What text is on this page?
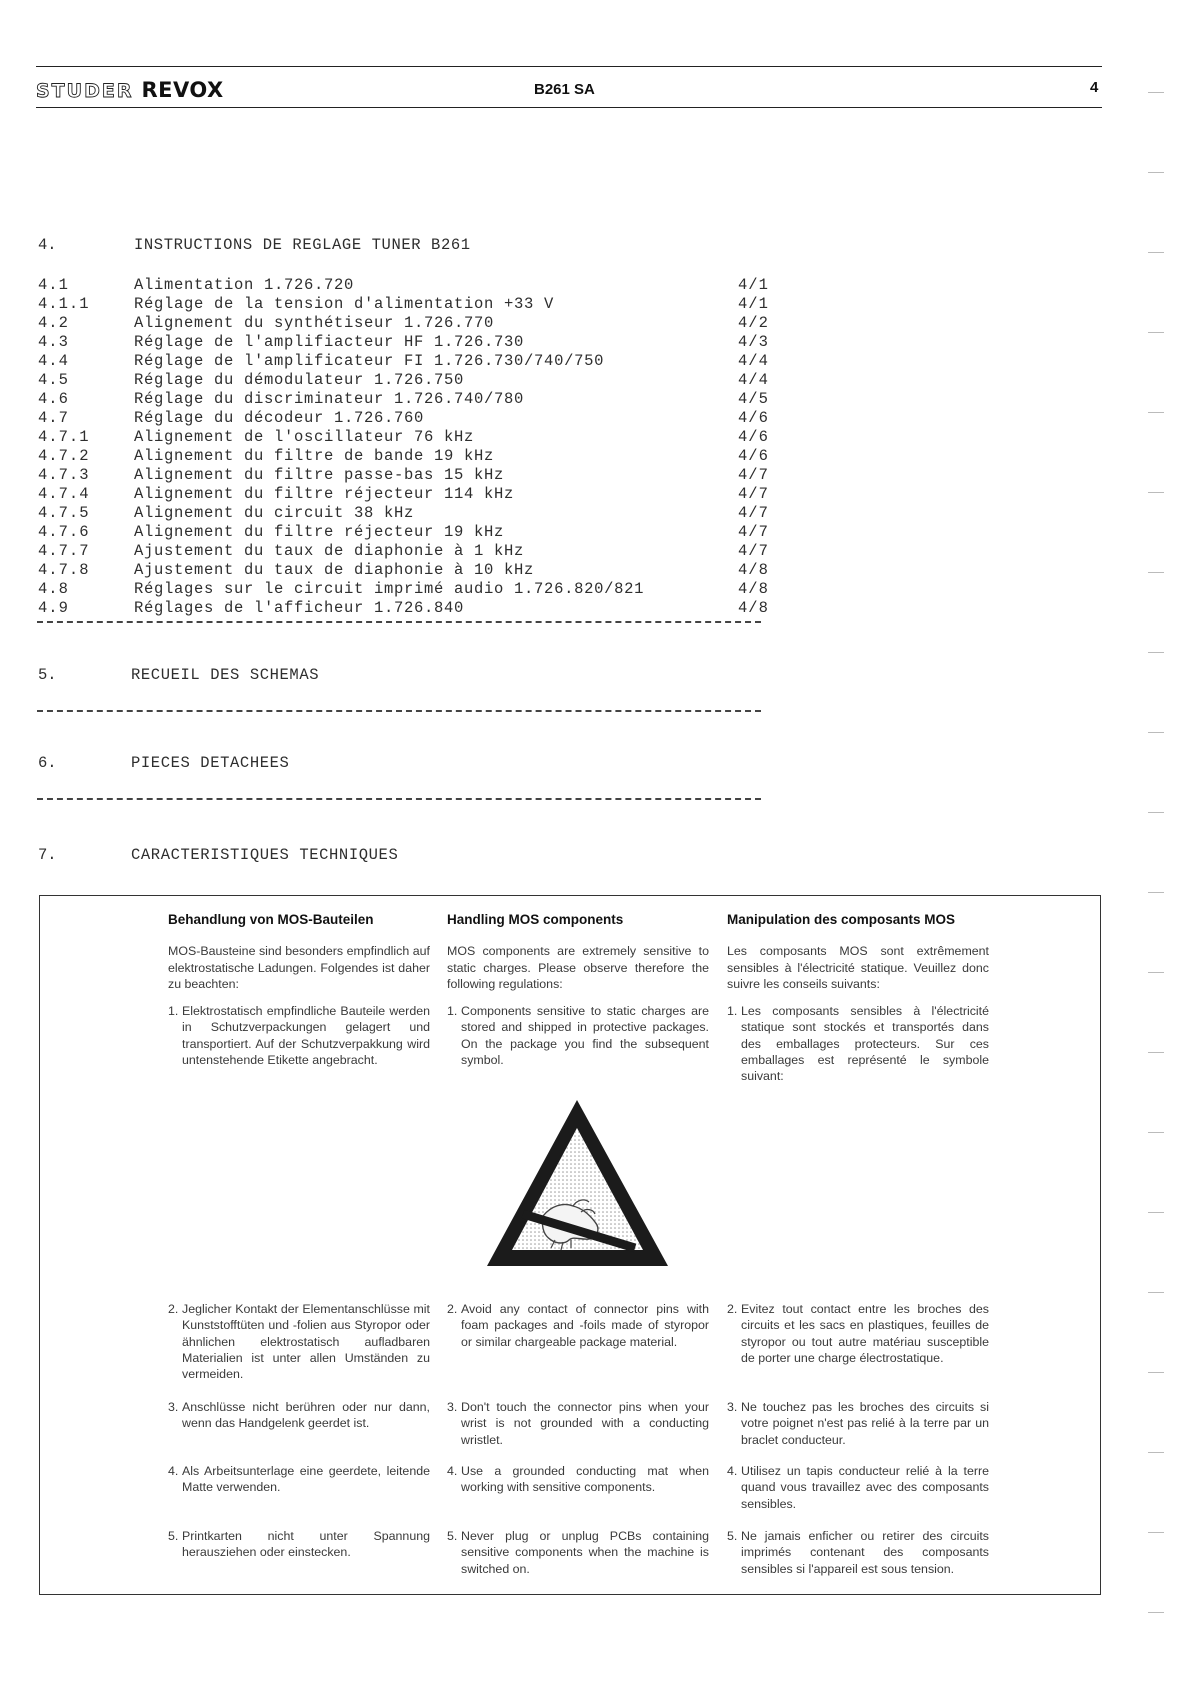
STUDER REVOX	B261 SA	4
4.	INSTRUCTIONS DE REGLAGE TUNER B261
4.1	Alimentation 1.726.720	4/1
4.1.1	Réglage de la tension d'alimentation +33 V	4/1
4.2	Alignement du synthétiseur 1.726.770	4/2
4.3	Réglage de l'amplifiacteur HF 1.726.730	4/3
4.4	Réglage de l'amplificateur FI 1.726.730/740/750	4/4
4.5	Réglage du démodulateur 1.726.750	4/4
4.6	Réglage du discriminateur 1.726.740/780	4/5
4.7	Réglage du décodeur 1.726.760	4/6
4.7.1	Alignement de l'oscillateur 76 kHz	4/6
4.7.2	Alignement du filtre de bande 19 kHz	4/6
4.7.3	Alignement du filtre passe-bas 15 kHz	4/7
4.7.4	Alignement du filtre réjecteur 114 kHz	4/7
4.7.5	Alignement du circuit 38 kHz	4/7
4.7.6	Alignement du filtre réjecteur 19 kHz	4/7
4.7.7	Ajustement du taux de diaphonie à 1 kHz	4/7
4.7.8	Ajustement du taux de diaphonie à 10 kHz	4/8
4.8	Réglages sur le circuit imprimé audio 1.726.820/821	4/8
4.9	Réglages de l'afficheur 1.726.840	4/8
5.	RECUEIL DES SCHEMAS
6.	PIECES DETACHEES
7.	CARACTERISTIQUES TECHNIQUES
Behandlung von MOS-Bauteilen

MOS-Bausteine sind besonders empfindlich auf elektrostatische Ladungen. Folgendes ist daher zu beachten:

1. Elektrostatisch empfindliche Bauteile werden in Schutzverpackungen gelagert und transportiert. Auf der Schutzverpakkung wird untenstehende Etikette angebracht.
2. Jeglicher Kontakt der Elementanschlüsse mit Kunststofftüten und -folien aus Styropor oder ähnlichen elektrostatisch aufladbaren Materialien ist unter allen Umständen zu vermeiden.
3. Anschlüsse nicht berühren oder nur dann, wenn das Handgelenk geerdet ist.
4. Als Arbeitsunterlage eine geerdete, leitende Matte verwenden.
5. Printkarten nicht unter Spannung herausziehen oder einstecken.
Handling MOS components

MOS components are extremely sensitive to static charges. Please observe therefore the following regulations:

1. Components sensitive to static charges are stored and shipped in protective packages. On the package you find the subsequent symbol.
2. Avoid any contact of connector pins with foam packages and -foils made of styropor or similar chargeable package material.
3. Don't touch the connector pins when your wrist is not grounded with a conducting wristlet.
4. Use a grounded conducting mat when working with sensitive components.
5. Never plug or unplug PCBs containing sensitive components when the machine is switched on.
Manipulation des composants MOS

Les composants MOS sont extrêmement sensibles à l'électricité statique. Veuillez donc suivre les conseils suivants:

1. Les composants sensibles à l'électricité statique sont stockés et transportés dans des emballages protecteurs. Sur ces emballages est représenté le symbole suivant:
2. Evitez tout contact entre les broches des circuits et les sacs en plastiques, feuilles de styropor ou tout autre matériau susceptible de porter une charge électrostatique.
3. Ne touchez pas les broches des circuits si votre poignet n'est pas relié à la terre par un braclet conducteur.
4. Utilisez un tapis conducteur relié à la terre quand vous travaillez avec des composants sensibles.
5. Ne jamais enficher ou retirer des circuits imprimés contenant des composants sensibles si l'appareil est sous tension.
